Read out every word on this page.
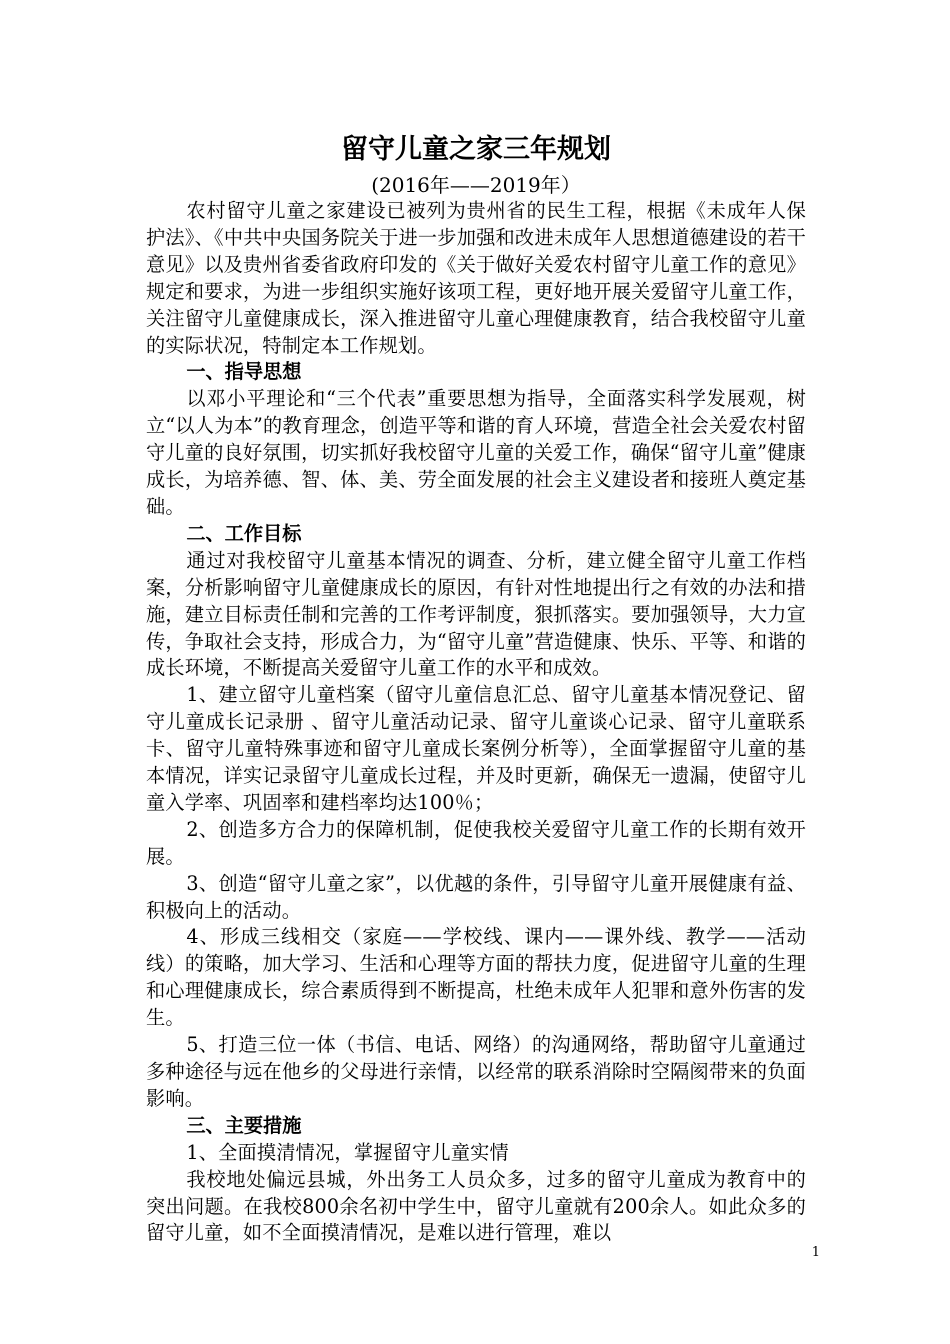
留守儿童之家三年规划

(2016年——2019年）

农村留守儿童之家建设已被列为贵州省的民生工程，根据《未成年人保护法》、《中共中央国务院关于进一步加强和改进未成年人思想道德建设的若干意见》以及贵州省委省政府印发的《关于做好关爱农村留守儿童工作的意见》规定和要求，为进一步组织实施好该项工程，更好地开展关爱留守儿童工作，关注留守儿童健康成长，深入推进留守儿童心理健康教育，结合我校留守儿童的实际状况，特制定本工作规划。

一、指导思想

以邓小平理论和“三个代表”重要思想为指导，全面落实科学发展观，树立“以人为本”的教育理念，创造平等和谐的育人环境，营造全社会关爱农村留守儿童的良好氛围，切实抓好我校留守儿童的关爱工作，确保“留守儿童”健康成长，为培养德、智、体、美、劳全面发展的社会主义建设者和接班人奠定基础。

二、工作目标

通过对我校留守儿童基本情况的调查、分析，建立健全留守儿童工作档案，分析影响留守儿童健康成长的原因，有针对性地提出行之有效的办法和措施，建立目标责任制和完善的工作考评制度，狠抓落实。要加强领导，大力宣传，争取社会支持，形成合力，为“留守儿童”营造健康、快乐、平等、和谐的成长环境，不断提高关爱留守儿童工作的水平和成效。

1、建立留守儿童档案（留守儿童信息汇总、留守儿童基本情况登记、留守儿童成长记录册 、留守儿童活动记录、留守儿童谈心记录、留守儿童联系卡、留守儿童特殊事迹和留守儿童成长案例分析等），全面掌握留守儿童的基本情况，详实记录留守儿童成长过程，并及时更新，确保无一遗漏，使留守儿童入学率、巩固率和建档率均达100％；

2、创造多方合力的保障机制，促使我校关爱留守儿童工作的长期有效开展。

3、创造“留守儿童之家”，以优越的条件，引导留守儿童开展健康有益、积极向上的活动。

4、形成三线相交（家庭——学校线、课内——课外线、教学——活动线）的策略，加大学习、生活和心理等方面的帮扶力度，促进留守儿童的生理和心理健康成长，综合素质得到不断提高，杜绝未成年人犯罪和意外伤害的发生。

5、打造三位一体（书信、电话、网络）的沟通网络，帮助留守儿童通过多种途径与远在他乡的父母进行亲情，以经常的联系消除时空隔阂带来的负面影响。

三、主要措施

1、全面摸清情况，掌握留守儿童实情

我校地处偏远县城，外出务工人员众多，过多的留守儿童成为教育中的突出问题。在我校800余名初中学生中，留守儿童就有200余人。如此众多的留守儿童，如不全面摸清情况，是难以进行管理，难以

1
